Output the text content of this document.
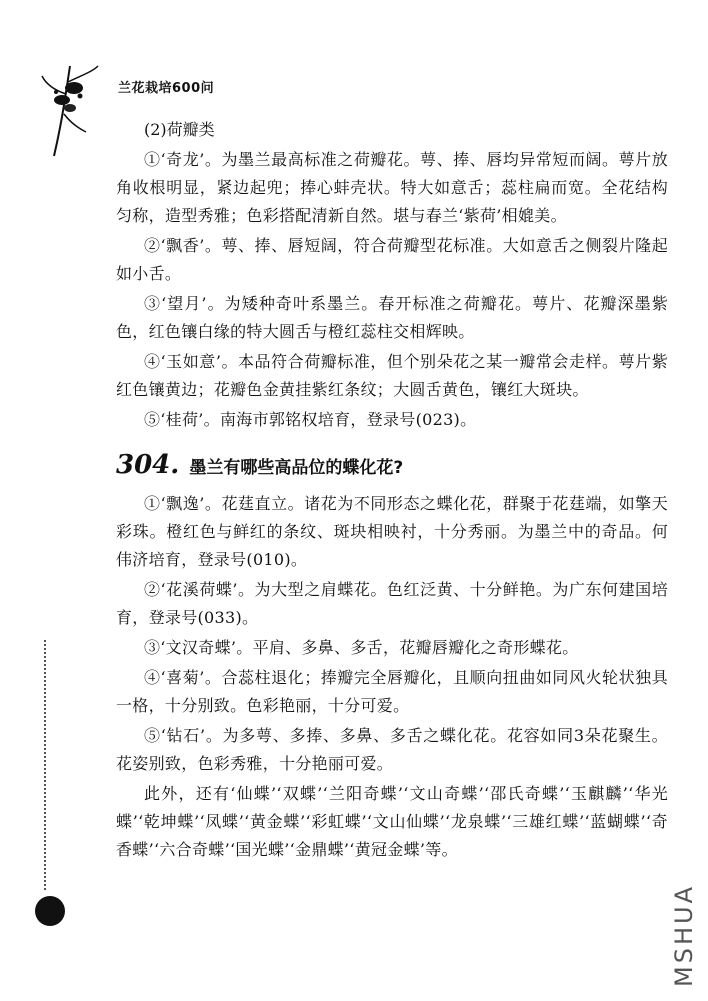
兰花栽培600问
(2)荷瓣类

①‘奇龙’。为墨兰最高标准之荷瓣花。萼、捧、唇均异常短而阔。萼片放角收根明显，紧边起兜；捧心蚌壳状。特大如意舌；蕊柱扁而宽。全花结构匀称，造型秀雅；色彩搭配清新自然。堪与春兰‘紫荷’相媲美。

②‘飘香’。萼、捧、唇短阔，符合荷瓣型花标准。大如意舌之侧裂片隆起如小舌。

③‘望月’。为矮种奇叶系墨兰。春开标准之荷瓣花。萼片、花瓣深墨紫色，红色镶白缘的特大圆舌与橙红蕊柱交相辉映。

④‘玉如意’。本品符合荷瓣标准，但个别朵花之某一瓣常会走样。萼片紫红色镶黄边；花瓣色金黄挂紫红条纹；大圆舌黄色，镶红大斑块。

⑤‘桂荷’。南海市郭铭权培育，登录号(023)。

304. 墨兰有哪些高品位的蝶化花?

①‘飘逸’。花莛直立。诸花为不同形态之蝶化花，群聚于花莛端，如擎天彩珠。橙红色与鲜红的条纹、斑块相映衬，十分秀丽。为墨兰中的奇品。何伟济培育，登录号(010)。

②‘花溪荷蝶’。为大型之肩蝶花。色红泛黄、十分鲜艳。为广东何建国培育，登录号(033)。

③‘文汉奇蝶’。平肩、多鼻、多舌，花瓣唇瓣化之奇形蝶花。

④‘喜菊’。合蕊柱退化；捧瓣完全唇瓣化，且顺向扭曲如同风火轮状独具一格，十分别致。色彩艳丽，十分可爱。

⑤‘钻石’。为多萼、多捧、多鼻、多舌之蝶化花。花容如同3朵花聚生。花姿别致，色彩秀雅，十分艳丽可爱。

此外，还有‘仙蝶’‘双蝶’‘兰阳奇蝶’‘文山奇蝶’‘邵氏奇蝶’‘玉麒麟’‘华光蝶’‘乾坤蝶’‘凤蝶’‘黄金蝶’‘彩虹蝶’‘文山仙蝶’‘龙泉蝶’‘三雄红蝶’‘蓝蝴蝶’‘奇香蝶’‘六合奇蝶’‘国光蝶’‘金鼎蝶’‘黄冠金蝶’等。

MSHUA
